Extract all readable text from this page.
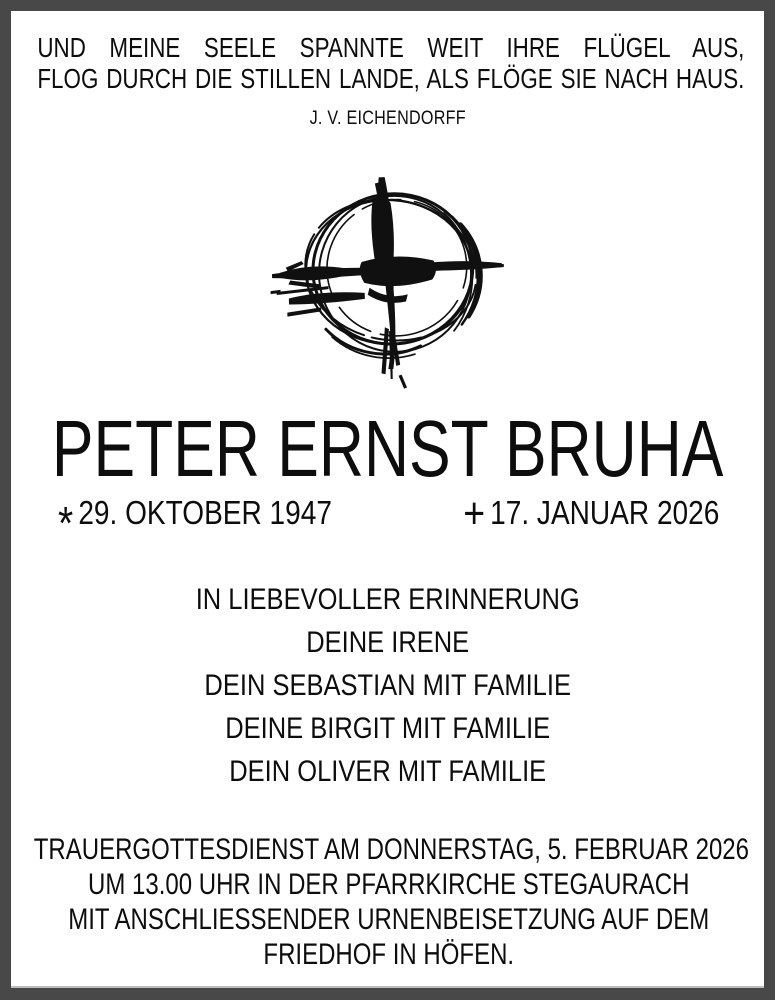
UND MEINE SEELE SPANNTE WEIT IHRE FLÜGEL AUS,
FLOG DURCH DIE STILLEN LANDE, ALS FLÖGE SIE NACH HAUS.
J. V. EICHENDORFF
PETER ERNST BRUHA
* 29. OKTOBER 1947	+ 17. JANUAR 2026
IN LIEBEVOLLER ERINNERUNG
DEINE IRENE
DEIN SEBASTIAN MIT FAMILIE
DEINE BIRGIT MIT FAMILIE
DEIN OLIVER MIT FAMILIE
TRAUERGOTTESDIENST AM DONNERSTAG, 5. FEBRUAR 2026
UM 13.00 UHR IN DER PFARRKIRCHE STEGAURACH
MIT ANSCHLIESSENDER URNENBEISETZUNG AUF DEM
FRIEDHOF IN HÖFEN.
